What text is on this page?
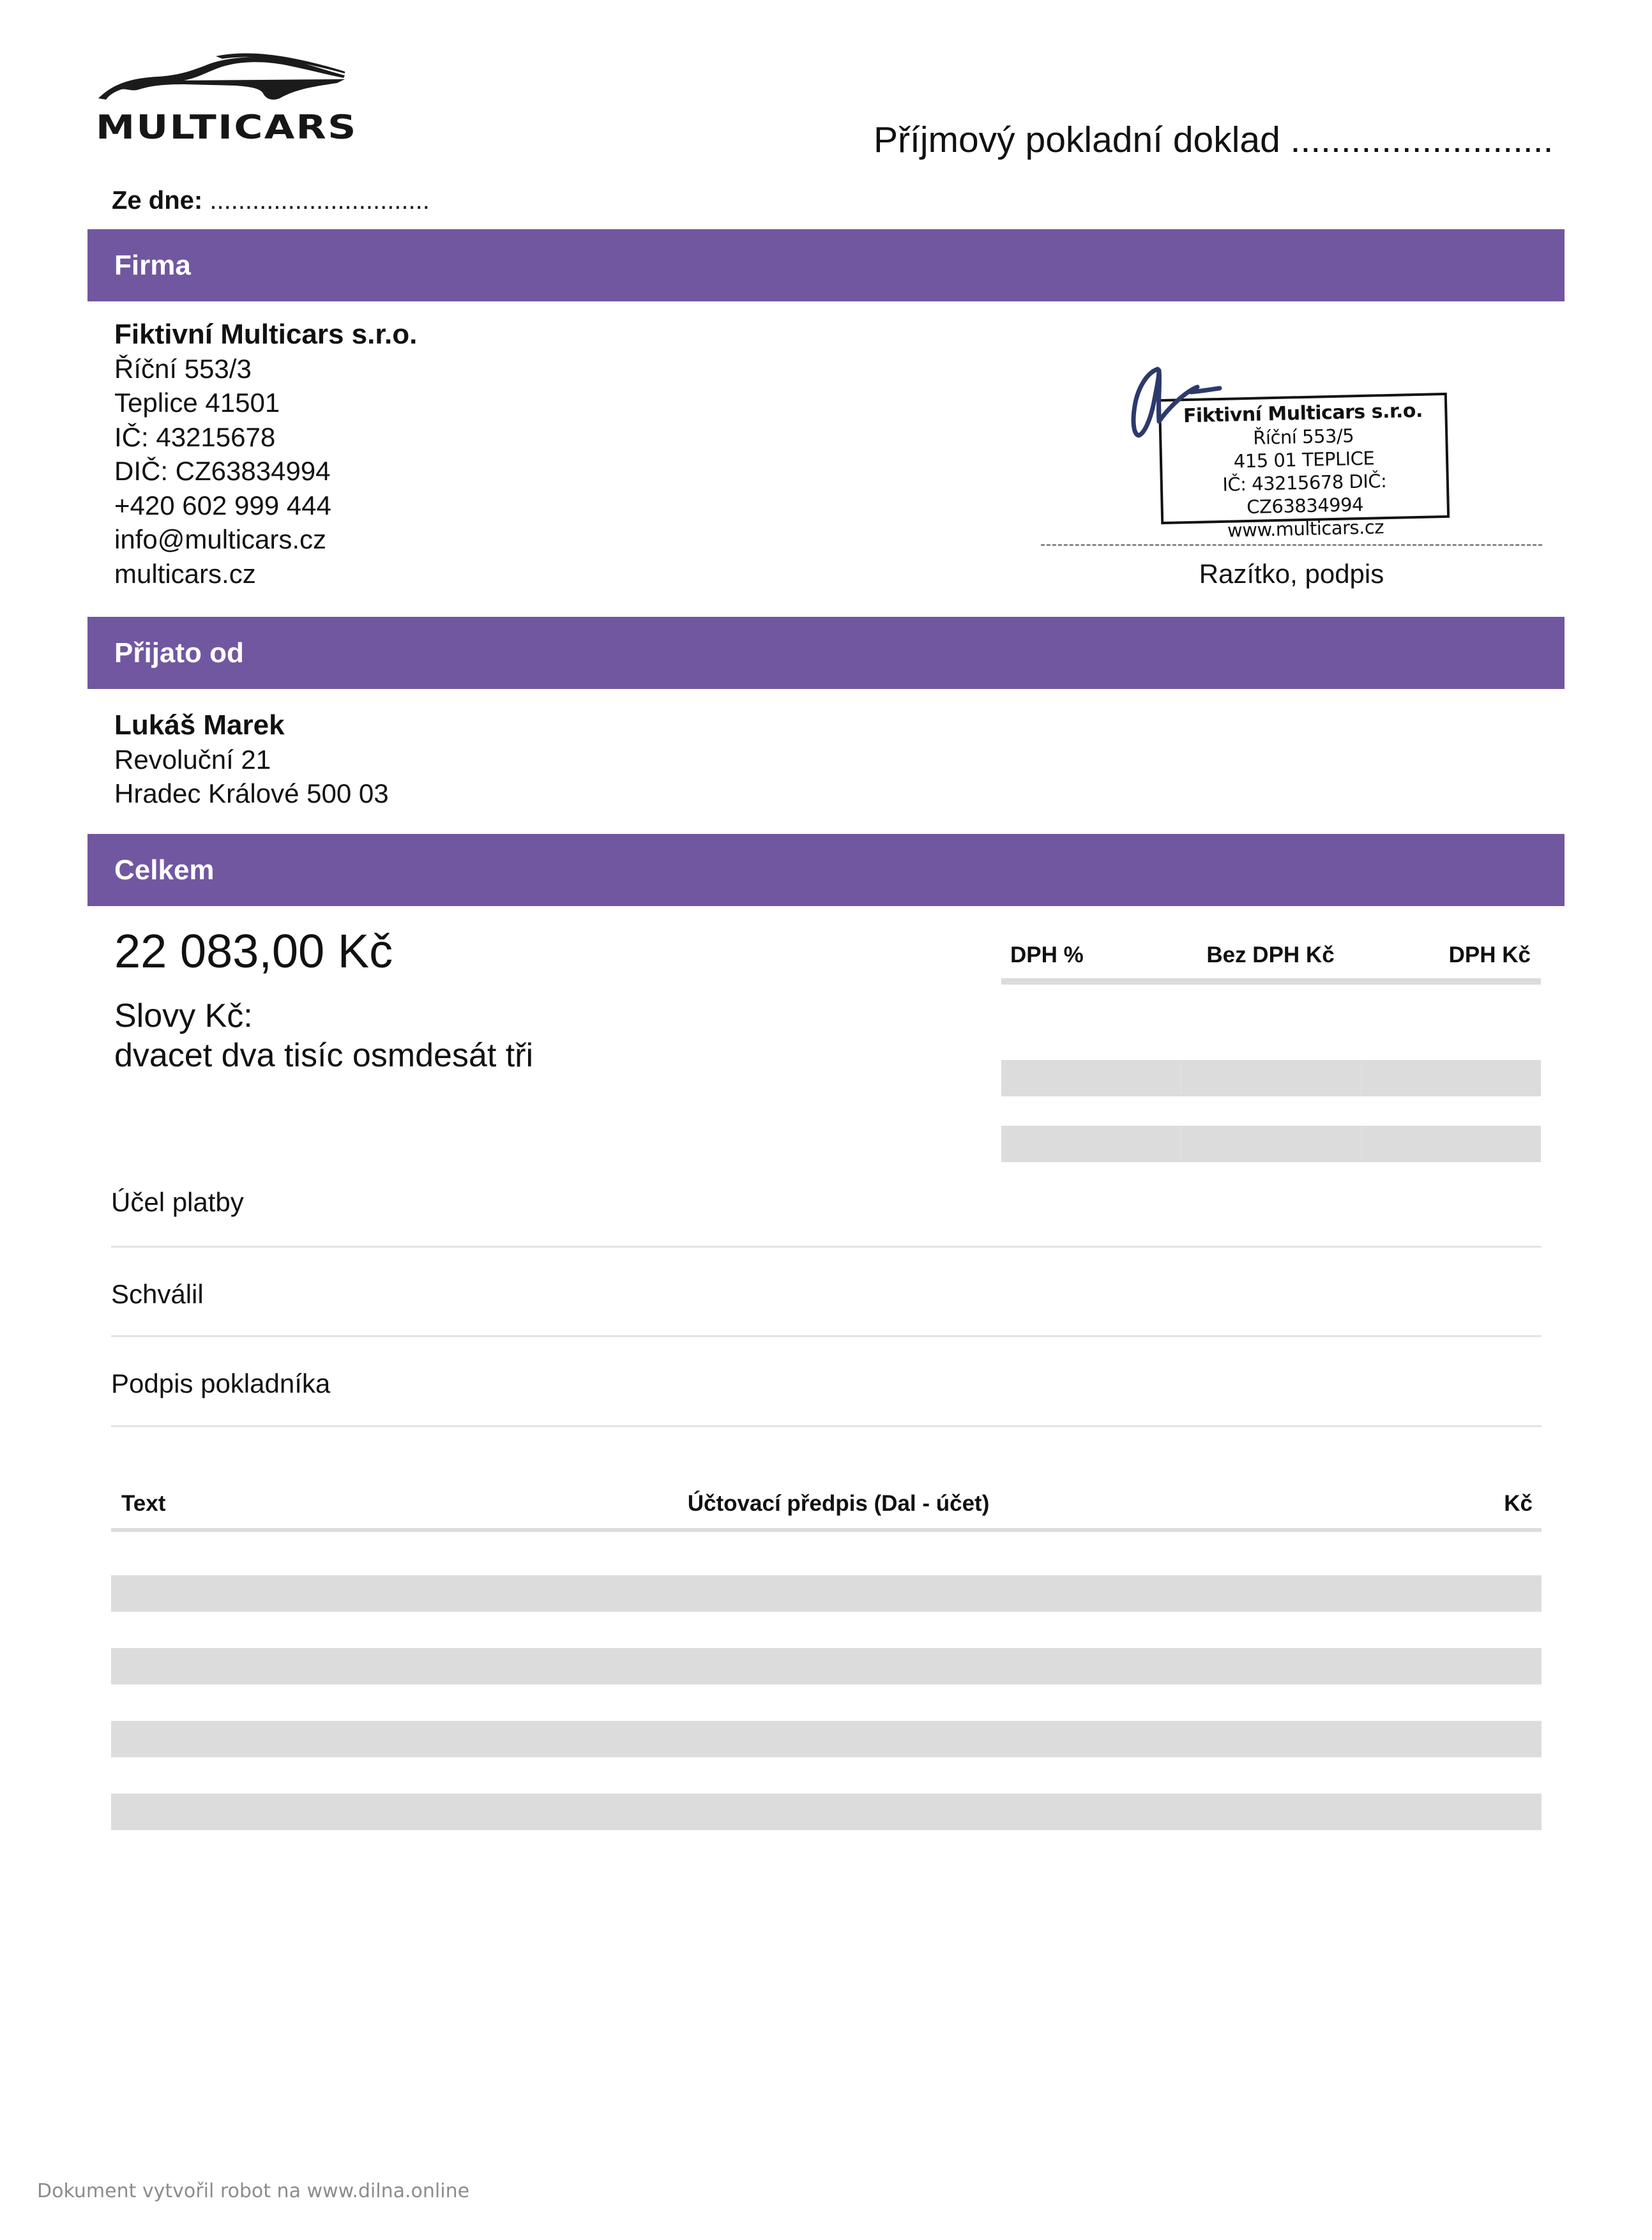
MULTICARS	Příjmový pokladní doklad ..........................
Ze dne: ...............................
Firma
Fiktivní Multicars s.r.o.
Říční 553/3
Teplice 41501
IČ: 43215678
DIČ: CZ63834994
+420 602 999 444
info@multicars.cz
multicars.cz
Fiktivní Multicars s.r.o.
Říční 553/5
415 01 TEPLICE
IČ: 43215678 DIČ: CZ63834994
www.multicars.cz
Razítko, podpis
Přijato od
Lukáš Marek
Revoluční 21
Hradec Králové 500 03
Celkem
22 083,00 Kč
Slovy Kč:
dvacet dva tisíc osmdesát tři
DPH %	Bez DPH Kč	DPH Kč
Účel platby
Schválil
Podpis pokladníka
Text	Účtovací předpis (Dal - účet)	Kč
Dokument vytvořil robot na www.dilna.online
